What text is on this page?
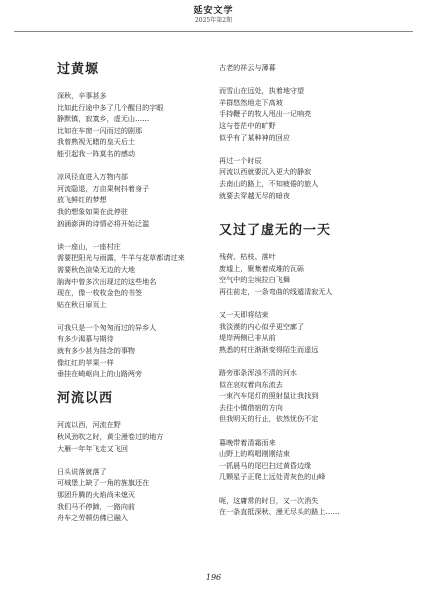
延安文学
2025年第2期
过黄塬
深秋，辛事甚多
比如此行途中多了几个醒目的字眼
静默镇，寂寞乡，虚无山……
比如在车窗一闪而过的剧那
我曾熟视无睹的皇天后土
能引起我一阵莫名的感动
凉风径直进入万物内部
河流隐退，万亩果树抖着身子
放飞鲜红的梦想
我的想象如果在此停驻
汹涌澎湃的诗情必将开始泛滥
读一座山，一座村庄
需要把阳光与雨露，牛羊与花草都请过来
需要秋色渲染无边的大地
脑海中曾多次出现过的这些地名
现在，像一枚枚金色的书签
贴在秋日扉页上
可我只是一个匆匆而过的异乡人
有多少渴慕与期待
就有多少甚为挂念的事物
像红红的苹果一样
垂挂在崎岖向上的山路两旁
河流以西
河流以西，河流在野
秋风劲吹之时，黄尘漫卷过的地方
大雁一年年飞走又飞回
日头说落就落了
可城堡上缺了一角的旌旗还在
那团升腾的火焰尚未熄灭
我们马不停蹄，一路向前
舟车之劳顿仿佛已融入
古老的祥云与薄暮
而雪山在远处，执着地守望
羊群悠然地走下高坡
手持鞭子的牧人甩出一记响亮
这与苍茫中的旷野
似乎有了某种神的回应
再过一个时辰
河流以西就要沉入更大的静寂
去南山的路上，不知疲倦的旅人
就要去穿越无尽的暗夜
又过了虚无的一天
残荷、枯枝、落叶
废墟上，聚集着成堆的瓦砾
空气中的尘埃拉白飞舞
再往前走，一条弯曲的线遁清寂无人
又一天即将结束
我淡漠的内心似乎更空廓了
堤岸两侧已非从前
熟悉的村庄渐渐变得陌生而遥远
路旁那条浑浊不清的河水
似在哀叹着向东流去
一束汽车尾灯的照射鼠让我找到
去往小镇借宿的方向
但我明天的行止，依然忧伤不定
暮晚带着清霜而来
山野上的鸣唱刚刚结束
一抓晨马的尾巴扫过黄昏边缘
几颗星子正爬上远处青灰色的山峰
呃，这庸常的时日，又一次消失
在一条直抵深秋、漫无尽头的路上……
196
